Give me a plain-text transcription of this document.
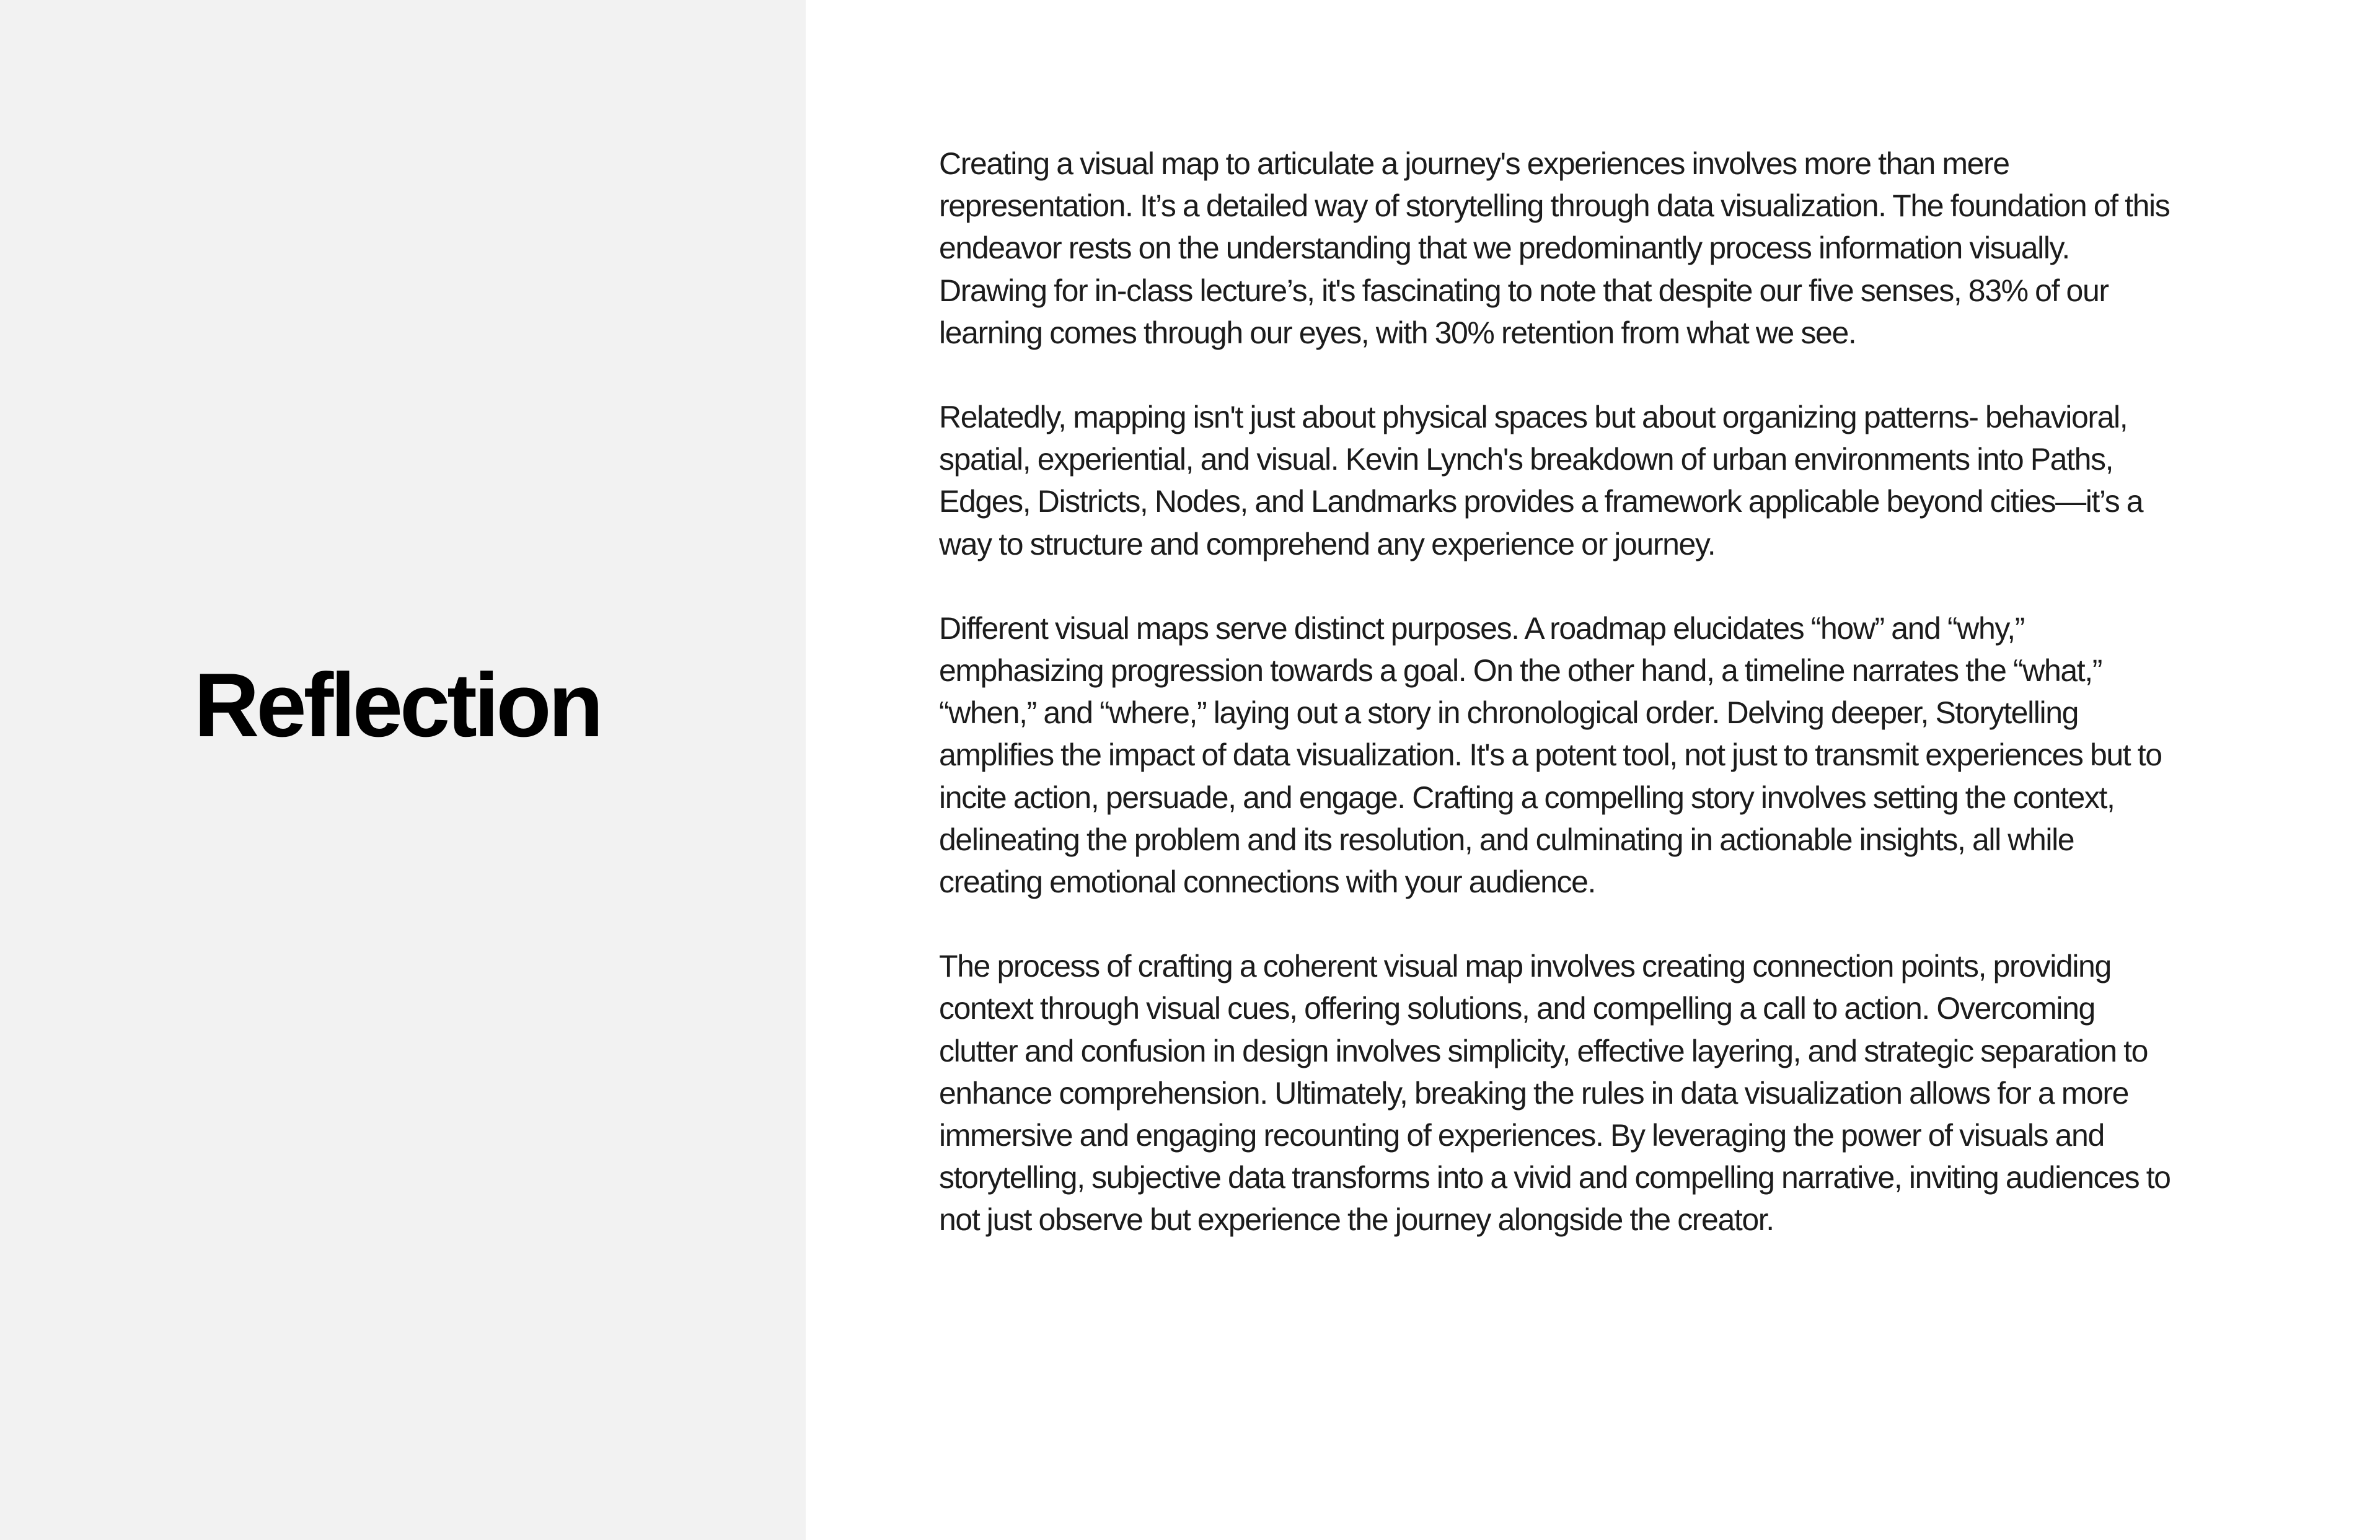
Reflection

Creating a visual map to articulate a journey's experiences involves more than mere representation. It’s a detailed way of storytelling through data visualization. The foundation of this endeavor rests on the understanding that we predominantly process information visually. Drawing for in-class lecture’s, it's fascinating to note that despite our five senses, 83% of our learning comes through our eyes, with 30% retention from what we see.

Relatedly, mapping isn't just about physical spaces but about organizing patterns- behavioral, spatial, experiential, and visual. Kevin Lynch's breakdown of urban environments into Paths, Edges, Districts, Nodes, and Landmarks provides a framework applicable beyond cities—it’s a way to structure and comprehend any experience or journey.

Different visual maps serve distinct purposes. A roadmap elucidates “how” and “why,” emphasizing progression towards a goal. On the other hand, a timeline narrates the “what,” “when,” and “where,” laying out a story in chronological order. Delving deeper, Storytelling amplifies the impact of data visualization. It's a potent tool, not just to transmit experiences but to incite action, persuade, and engage. Crafting a compelling story involves setting the context, delineating the problem and its resolution, and culminating in actionable insights, all while creating emotional connections with your audience.

The process of crafting a coherent visual map involves creating connection points, providing context through visual cues, offering solutions, and compelling a call to action. Overcoming clutter and confusion in design involves simplicity, effective layering, and strategic separation to enhance comprehension. Ultimately, breaking the rules in data visualization allows for a more immersive and engaging recounting of experiences. By leveraging the power of visuals and storytelling, subjective data transforms into a vivid and compelling narrative, inviting audiences to not just observe but experience the journey alongside the creator.
